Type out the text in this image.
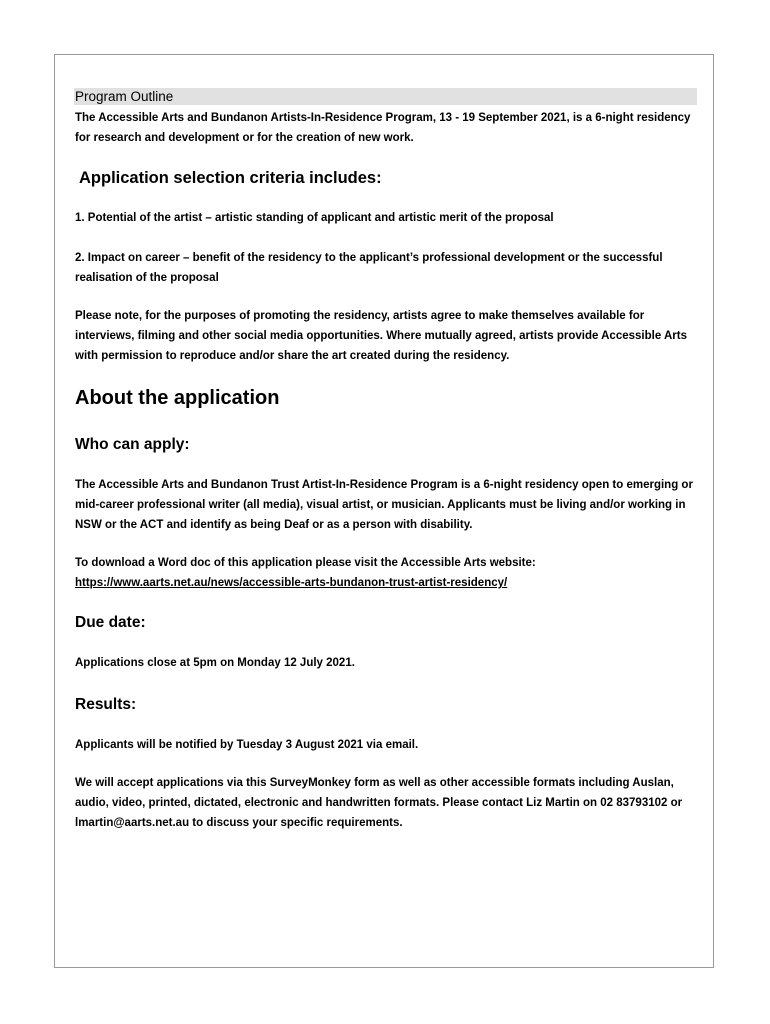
Program Outline

The Accessible Arts and Bundanon Artists-In-Residence Program, 13 - 19 September 2021, is a 6-night residency for research and development or for the creation of new work.

Application selection criteria includes:

1. Potential of the artist – artistic standing of applicant and artistic merit of the proposal

2. Impact on career – benefit of the residency to the applicant’s professional development or the successful realisation of the proposal

Please note, for the purposes of promoting the residency, artists agree to make themselves available for interviews, filming and other social media opportunities. Where mutually agreed, artists provide Accessible Arts with permission to reproduce and/or share the art created during the residency.

About the application
Who can apply:

The Accessible Arts and Bundanon Trust Artist-In-Residence Program is a 6-night residency open to emerging or mid-career professional writer (all media), visual artist, or musician. Applicants must be living and/or working in NSW or the ACT and identify as being Deaf or as a person with disability.

To download a Word doc of this application please visit the Accessible Arts website:

https://www.aarts.net.au/news/accessible-arts-bundanon-trust-artist-residency/

Due date:

Applications close at 5pm on Monday 12 July 2021.

Results:

Applicants will be notified by Tuesday 3 August 2021 via email.

We will accept applications via this SurveyMonkey form as well as other accessible formats including Auslan, audio, video, printed, dictated, electronic and handwritten formats. Please contact Liz Martin on 02 83793102 or lmartin@aarts.net.au to discuss your specific requirements.
